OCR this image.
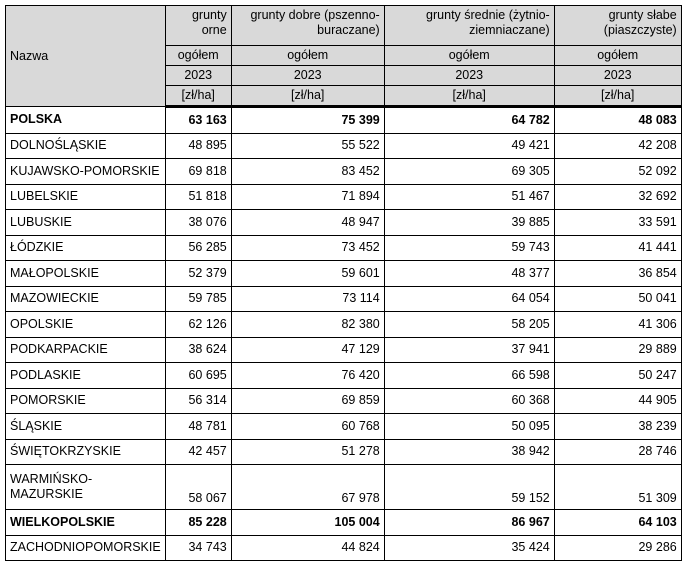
Nazwa	grunty orne	grunty dobre (pszenno-buraczane)	grunty średnie (żytnio-ziemniaczane)	grunty słabe (piaszczyste)
	ogółem	ogółem	ogółem	ogółem
	2023	2023	2023	2023
	[zł/ha]	[zł/ha]	[zł/ha]	[zł/ha]
POLSKA	63 163	75 399	64 782	48 083
DOLNOŚLĄSKIE	48 895	55 522	49 421	42 208
KUJAWSKO-POMORSKIE	69 818	83 452	69 305	52 092
LUBELSKIE	51 818	71 894	51 467	32 692
LUBUSKIE	38 076	48 947	39 885	33 591
ŁÓDZKIE	56 285	73 452	59 743	41 441
MAŁOPOLSKIE	52 379	59 601	48 377	36 854
MAZOWIECKIE	59 785	73 114	64 054	50 041
OPOLSKIE	62 126	82 380	58 205	41 306
PODKARPACKIE	38 624	47 129	37 941	29 889
PODLASKIE	60 695	76 420	66 598	50 247
POMORSKIE	56 314	69 859	60 368	44 905
ŚLĄSKIE	48 781	60 768	50 095	38 239
ŚWIĘTOKRZYSKIE	42 457	51 278	38 942	28 746
WARMIŃSKO-MAZURSKIE	58 067	67 978	59 152	51 309
WIELKOPOLSKIE	85 228	105 004	86 967	64 103
ZACHODNIOPOMORSKIE	34 743	44 824	35 424	29 286
